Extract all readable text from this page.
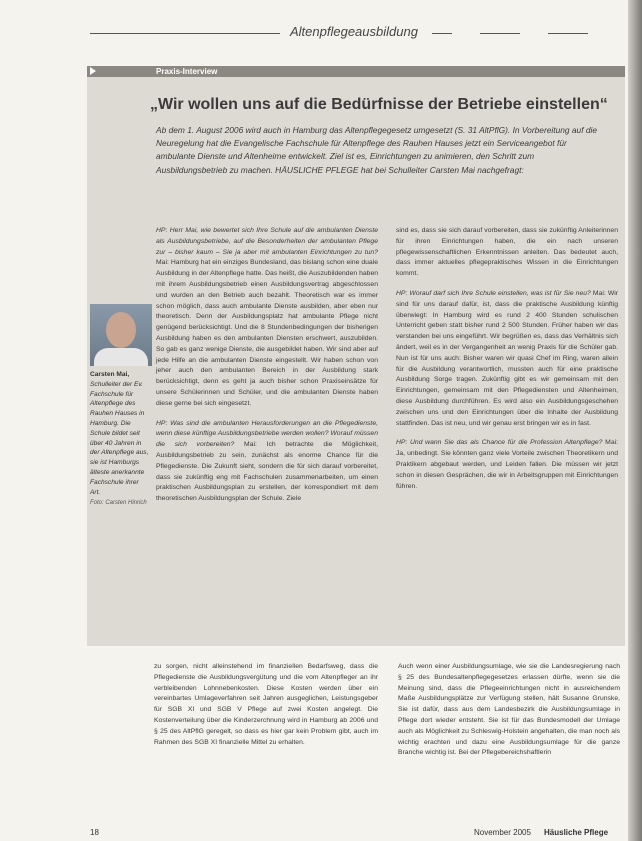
Altenpflegeausbildung
Praxis-Interview
„Wir wollen uns auf die Bedürfnisse der Betriebe einstellen“

Ab dem 1. August 2006 wird auch in Hamburg das Altenpflegegesetz umgesetzt (S. 31 AltPflG). In Vorbereitung auf die Neuregelung hat die Evangelische Fachschule für Altenpflege des Rauhen Hauses jetzt ein Serviceangebot für ambulante Dienste und Altenheime entwickelt. Ziel ist es, Einrichtungen zu animieren, den Schritt zum Ausbildungsbetrieb zu machen. HÄUSLICHE PFLEGE hat bei Schulleiter Carsten Mai nachgefragt:

HP: Herr Mai, wie bewertet sich Ihre Schule auf die ambulanten Dienste als Ausbildungsbetriebe, auf die Besonderheiten der ambulanten Pflege zur – bisher kaum – Sie ja aber mit ambulanten Einrichtungen zu tun? Mai: Hamburg hat ein einziges Bundesland, das bislang schon eine duale Ausbildung in der Altenpflege hatte. Das heißt, die Auszubildenden haben mit ihrem Ausbildungsbetrieb einen Ausbildungsvertrag abgeschlossen und wurden an den Betrieb auch bezahlt. Theoretisch war es immer schon möglich, dass auch ambulante Dienste ausbilden, aber eben nur theoretisch. Denn der Ausbildungsplatz hat ambulante Pflege nicht genügend berücksichtigt. Und die 8 Stundenbedingungen der bisherigen Ausbildung haben es den ambulanten Diensten erschwert, auszubilden. So gab es ganz wenige Dienste, die ausgebildet haben. Wir sind aber auf jede Hilfe an die ambulanten Dienste eingestellt. Wir haben schon von jeher auch den ambulanten Bereich in der Ausbildung stark berücksichtigt, denn es geht ja auch bisher schon Praxiseinsätze für unsere Schülerinnen und Schüler, und die ambulanten Dienste haben diese gerne bei sich eingesetzt.

HP: Was sind die ambulanten Herausforderungen an die Pflegedienste, wenn diese künftige Ausbildungsbetriebe werden wollen? Worauf müssen die sich vorbereiten? Mai: Ich betrachte die Möglichkeit, Ausbildungsbetrieb zu sein, zunächst als enorme Chance für die Pflegedienste. Die Zukunft sieht, sondern die für sich darauf vorbereitet, dass sie zukünftig eng mit Fachschulen zusammenarbeiten, um einen praktischen Ausbildungsplan zu erstellen, der korrespondiert mit dem theoretischen Ausbildungsplan der Schule. Ziele

sind es, dass sie sich darauf vorbereiten, dass sie zukünftig Anleiterinnen für ihren Einrichtungen haben, die ein nach unseren pflegewissenschaftlichen Erkenntnissen anleiten. Das bedeutet auch, dass immer aktuelles pflegepraktisches Wissen in die Einrichtungen kommt.

HP: Worauf darf sich Ihre Schule einstellen, was ist für Sie neu? Mai: Wir sind für uns darauf dafür, ist, dass die praktische Ausbildung künftig überwiegt: In Hamburg wird es rund 2 400 Stunden schulischen Unterricht geben statt bisher rund 2 500 Stunden. Früher haben wir das verstanden bei uns eingeführt. Wir begrüßen es, dass das Verhältnis sich ändert, weil es in der Vergangenheit an wenig Praxis für die Schüler gab. Nun ist für uns auch: Bisher waren wir quasi Chef im Ring, waren allein für die Ausbildung verantwortlich, mussten auch für eine praktische Ausbildung Sorge tragen. Zukünftig gibt es wir gemeinsam mit den Einrichtungen, gemeinsam mit den Pflegediensten und Altenheimen, diese Ausbildung durchführen. Es wird also ein Ausbildungsgeschehen zwischen uns und den Einrichtungen über die Inhalte der Ausbildung stattfinden. Das ist neu, und wir genau erst bringen wir es in fast.

HP: Und wann Sie das als Chance für die Profession Altenpflege? Mai: Ja, unbedingt. Sie könnten ganz viele Vorteile zwischen Theoretikern und Praktikern abgebaut werden, und Leiden fallen. Die müssen wir jetzt schon in diesen Gesprächen, die wir in Arbeitsgruppen mit Einrichtungen führen.

Carsten Mai, Schulleiter der Ev. Fachschule für Altenpflege des Rauhen Hauses in Hamburg. Die Schule bildet seit über 40 Jahren in der Altenpflege aus, sie ist Hamburgs älteste anerkannte Fachschule ihrer Art.
Foto: Carsten Hinrich

zu sorgen, nicht alleinstehend im finanziellen Bedarfsweg, dass die Pflegedienste die Ausbildungsvergütung und die vom Altenpfleger an ihr verbleibenden Lohnnebenkosten. Diese Kosten werden über ein vereinbartes Umlageverfahren seit Jahren ausgeglichen, Leistungsgeber für SGB XI und SGB V Pflege auf zwei Kosten angelegt. Die Kostenverteilung über die Kinderzerchnung wird in Hamburg ab 2006 und § 25 des AltPflG geregelt, so dass es hier gar kein Problem gibt, auch im Rahmen des SGB XI finanzielle Mittel zu erhalten.

Auch wenn einer Ausbildungsumlage, wie sie die Landesregierung nach § 25 des Bundesaltenpflegegesetzes erlassen dürfte, wenn sie die Meinung sind, dass die Pflegeeinrichtungen nicht in ausreichendem Maße Ausbildungsplätze zur Verfügung stellen, hält Susanne Grunske, Sie ist dafür, dass aus dem Landesbezirk die Ausbildungsumlage in Pflege dort wieder entsteht. Sie ist für das Bundesmodell der Umlage auch als Möglichkeit zu Schleswig-Holstein angehalten, die man noch als wichtig erachten und dazu eine Ausbildungsumlage für die ganze Branche wichtig ist. Bei der Pflegebereichshaftlerin

18	November 2005 Häusliche Pflege
